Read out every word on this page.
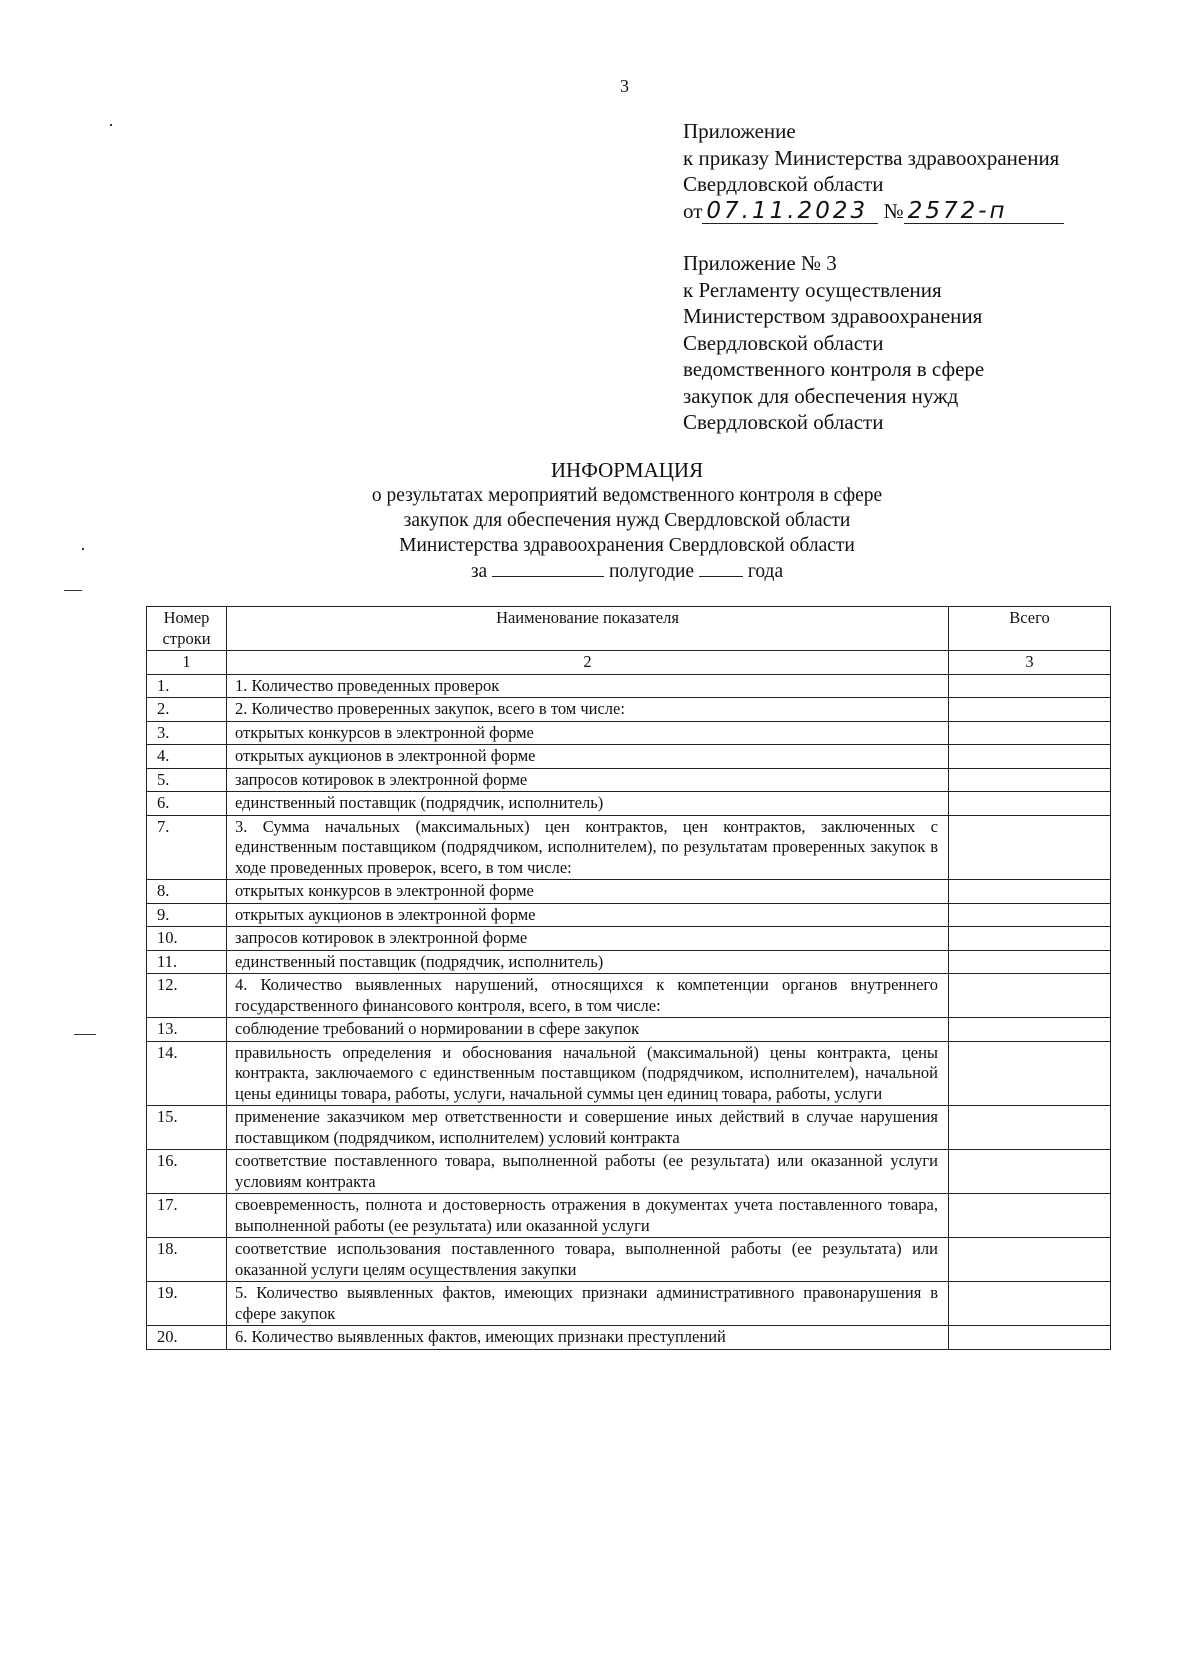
3
Приложение
к приказу Министерства здравоохранения
Свердловской области
от 07.11.2023 № 2572-п
Приложение № 3
к Регламенту осуществления
Министерством здравоохранения
Свердловской области
ведомственного контроля в сфере
закупок для обеспечения нужд
Свердловской области
ИНФОРМАЦИЯ
о результатах мероприятий ведомственного контроля в сфере
закупок для обеспечения нужд Свердловской области
Министерства здравоохранения Свердловской области
за	полугодие	года
Номер строки	Наименование показателя	Всего
1	2	3
1.	1. Количество проведенных проверок	
2.	2. Количество проверенных закупок, всего в том числе:	
3.	открытых конкурсов в электронной форме	
4.	открытых аукционов в электронной форме	
5.	запросов котировок в электронной форме	
6.	единственный поставщик (подрядчик, исполнитель)	
7.	3. Сумма начальных (максимальных) цен контрактов, цен контрактов, заключенных с единственным поставщиком (подрядчиком, исполнителем), по результатам проверенных закупок в ходе проведенных проверок, всего, в том числе:	
8.	открытых конкурсов в электронной форме	
9.	открытых аукционов в электронной форме	
10.	запросов котировок в электронной форме	
11.	единственный поставщик (подрядчик, исполнитель)	
12.	4. Количество выявленных нарушений, относящихся к компетенции органов внутреннего государственного финансового контроля, всего, в том числе:	
13.	соблюдение требований о нормировании в сфере закупок	
14.	правильность определения и обоснования начальной (максимальной) цены контракта, цены контракта, заключаемого с единственным поставщиком (подрядчиком, исполнителем), начальной цены единицы товара, работы, услуги, начальной суммы цен единиц товара, работы, услуги	
15.	применение заказчиком мер ответственности и совершение иных действий в случае нарушения поставщиком (подрядчиком, исполнителем) условий контракта	
16.	соответствие поставленного товара, выполненной работы (ее результата) или оказанной услуги условиям контракта	
17.	своевременность, полнота и достоверность отражения в документах учета поставленного товара, выполненной работы (ее результата) или оказанной услуги	
18.	соответствие использования поставленного товара, выполненной работы (ее результата) или оказанной услуги целям осуществления закупки	
19.	5. Количество выявленных фактов, имеющих признаки административного правонарушения в сфере закупок	
20.	6. Количество выявленных фактов, имеющих признаки преступлений	
